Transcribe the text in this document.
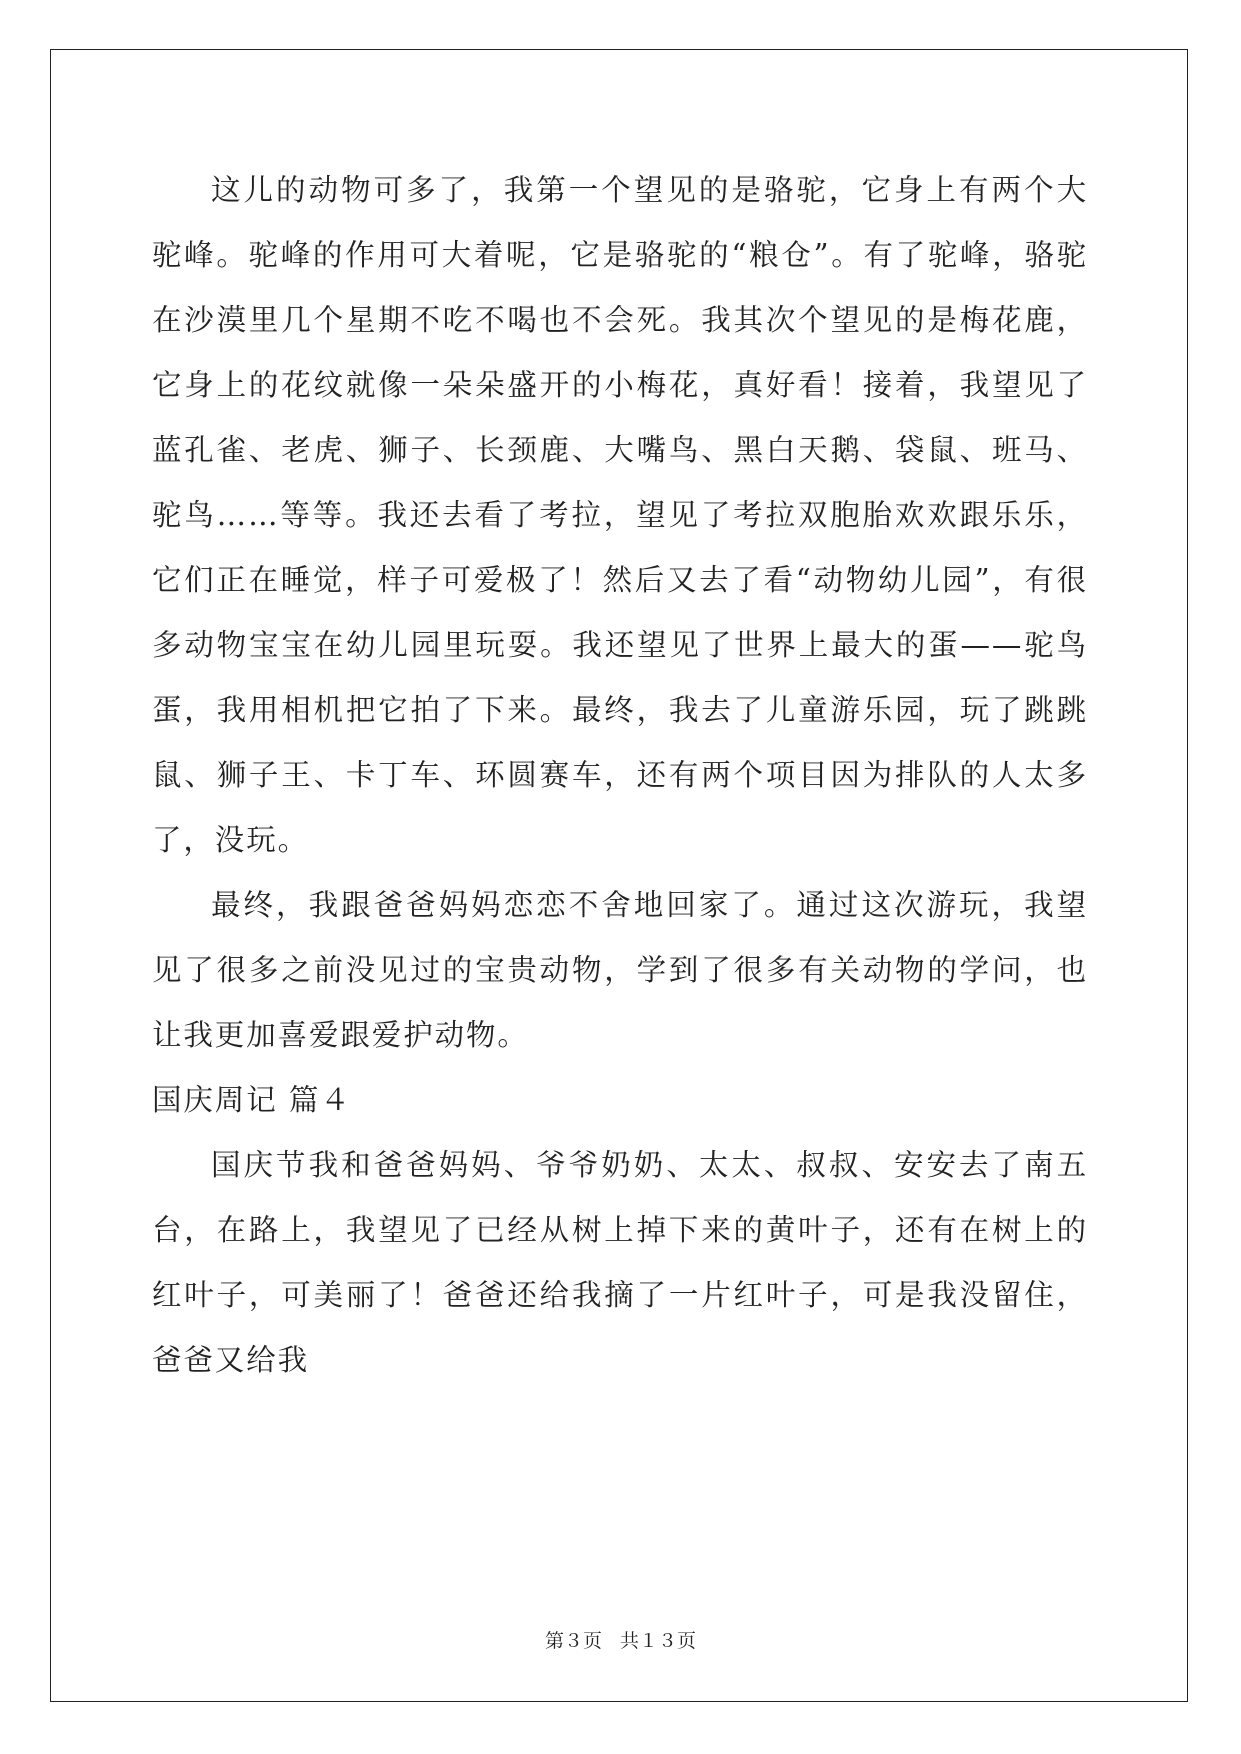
这儿的动物可多了，我第一个望见的是骆驼，它身上有两个大驼峰。驼峰的作用可大着呢，它是骆驼的“粮仓”。有了驼峰，骆驼在沙漠里几个星期不吃不喝也不会死。我其次个望见的是梅花鹿，它身上的花纹就像一朵朵盛开的小梅花，真好看！接着，我望见了蓝孔雀、老虎、狮子、长颈鹿、大嘴鸟、黑白天鹅、袋鼠、班马、驼鸟……等等。我还去看了考拉，望见了考拉双胞胎欢欢跟乐乐，它们正在睡觉，样子可爱极了！然后又去了看“动物幼儿园”，有很多动物宝宝在幼儿园里玩耍。我还望见了世界上最大的蛋——驼鸟蛋，我用相机把它拍了下来。最终，我去了儿童游乐园，玩了跳跳鼠、狮子王、卡丁车、环圆赛车，还有两个项目因为排队的人太多了，没玩。

最终，我跟爸爸妈妈恋恋不舍地回家了。通过这次游玩，我望见了很多之前没见过的宝贵动物，学到了很多有关动物的学问，也让我更加喜爱跟爱护动物。

国庆周记 篇４

国庆节我和爸爸妈妈、爷爷奶奶、太太、叔叔、安安去了南五台，在路上，我望见了已经从树上掉下来的黄叶子，还有在树上的红叶子，可美丽了！爸爸还给我摘了一片红叶子，可是我没留住，爸爸又给我

第３页 共１３页
